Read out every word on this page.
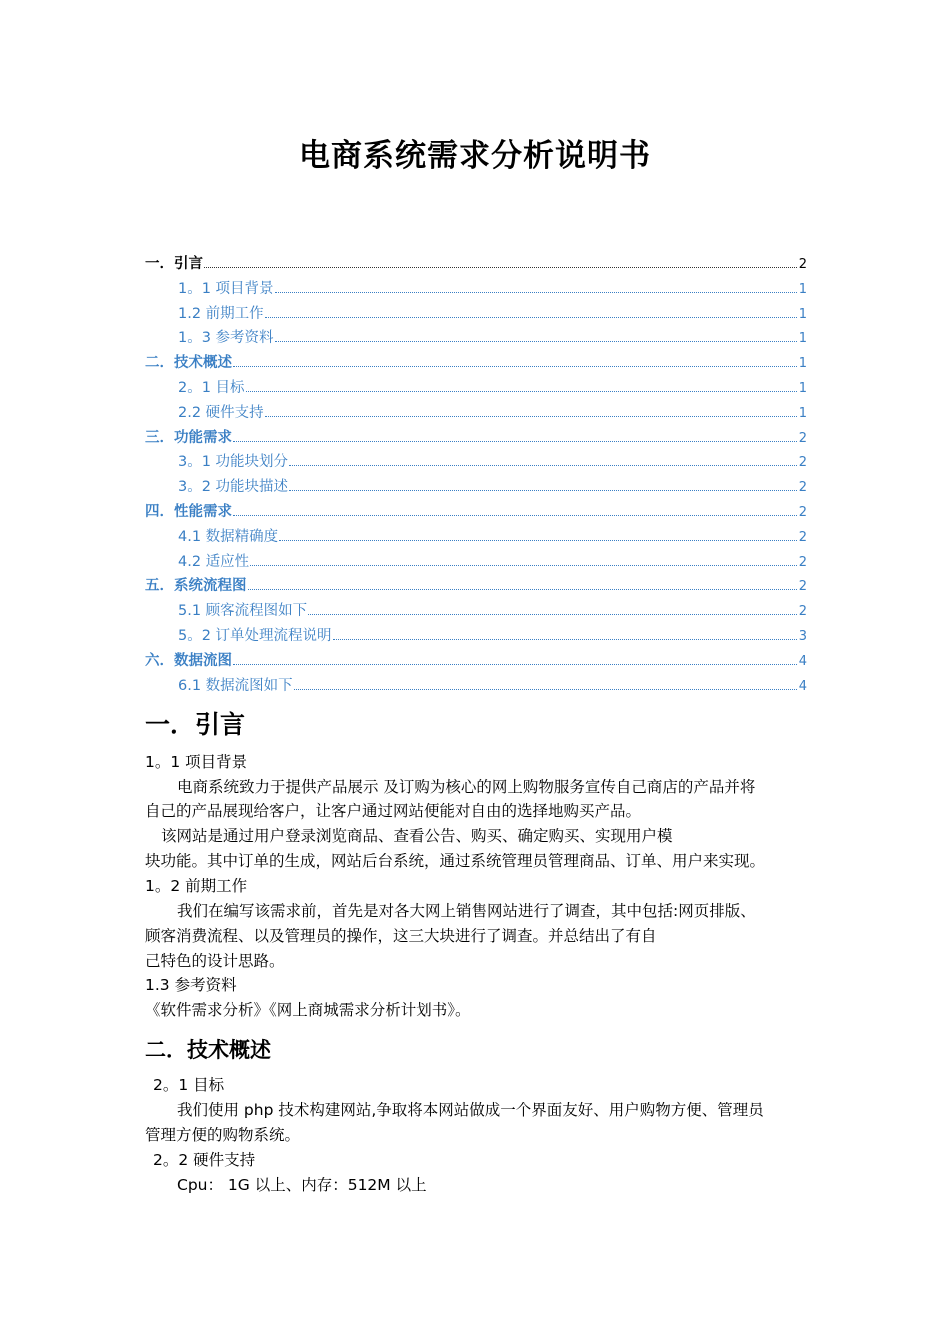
电商系统需求分析说明书
一．引言	2
1。1 项目背景	1
1.2 前期工作	1
1。3 参考资料	1
二．技术概述	1
2。1 目标	1
2.2 硬件支持	1
三．功能需求	2
3。1 功能块划分	2
3。2 功能块描述	2
四．性能需求	2
4.1 数据精确度	2
4.2 适应性	2
五．系统流程图	2
5.1 顾客流程图如下	2
5。2 订单处理流程说明	3
六．数据流图	4
6.1 数据流图如下	4
一．引言
1。1 项目背景
电商系统致力于提供产品展示 及订购为核心的网上购物服务宣传自己商店的产品并将
自己的产品展现给客户，让客户通过网站便能对自由的选择地购买产品。
该网站是通过用户登录浏览商品、查看公告、购买、确定购买、实现用户模
块功能。其中订单的生成，网站后台系统，通过系统管理员管理商品、订单、用户来实现。
1。2 前期工作
我们在编写该需求前，首先是对各大网上销售网站进行了调查，其中包括:网页排版、
顾客消费流程、以及管理员的操作，这三大块进行了调查。并总结出了有自
己特色的设计思路。
1.3 参考资料
《软件需求分析》《网上商城需求分析计划书》。
二．技术概述
2。1 目标
我们使用 php 技术构建网站,争取将本网站做成一个界面友好、用户购物方便、管理员
管理方便的购物系统。
2。2 硬件支持
Cpu： 1G 以上、内存：512M 以上
